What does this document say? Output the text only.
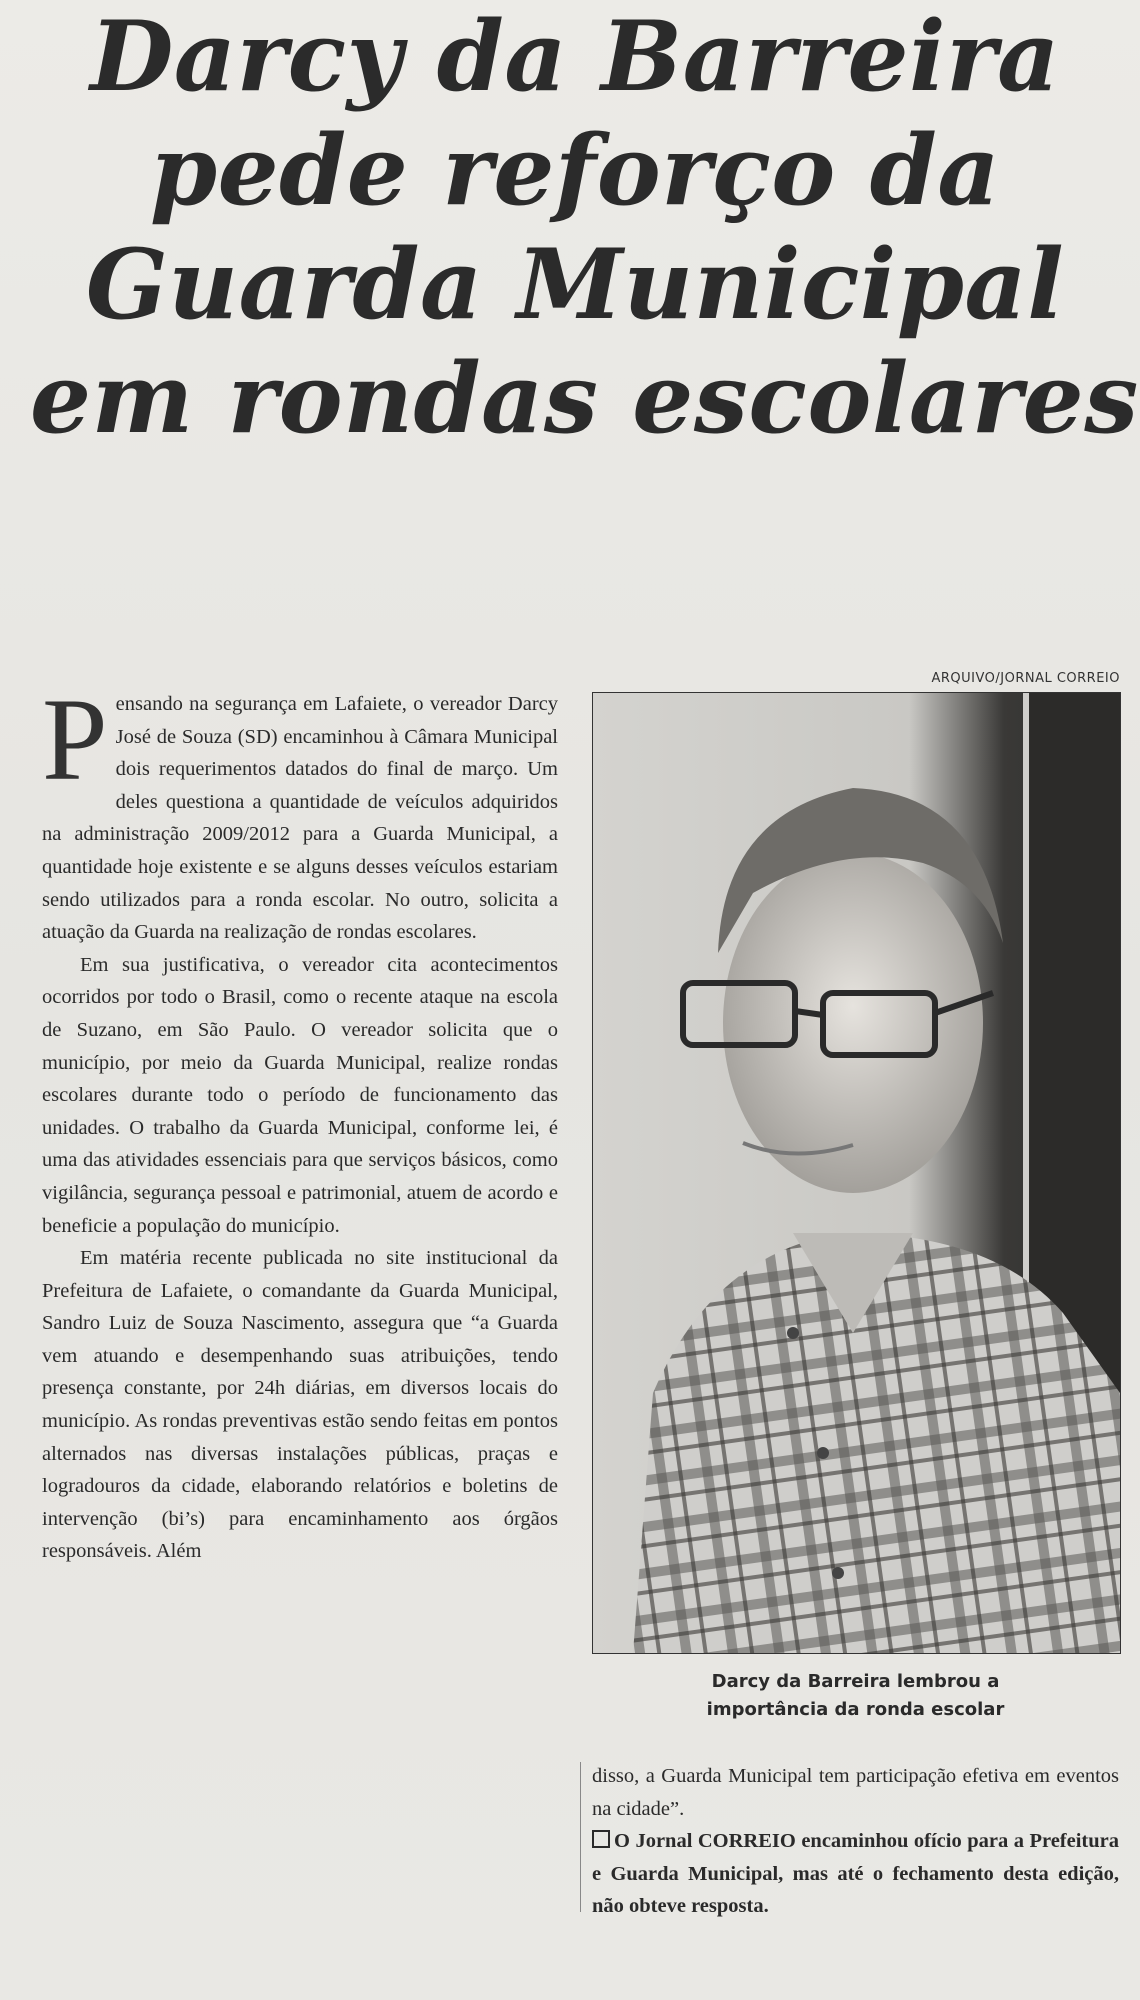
Darcy da Barreira
pede reforço da
Guarda Municipal
em rondas escolares
ARQUIVO/JORNAL CORREIO
Darcy da Barreira lembrou a
importância da ronda escolar

Pensando na segurança em Lafaiete, o vereador Darcy José de Souza (SD) encaminhou à Câmara Municipal dois requerimentos datados do final de março. Um deles questiona a quantidade de veículos adquiridos na administração 2009/2012 para a Guarda Municipal, a quantidade hoje existente e se alguns desses veículos estariam sendo utilizados para a ronda escolar. No outro, solicita a atuação da Guarda na realização de rondas escolares.

Em sua justificativa, o vereador cita acontecimentos ocorridos por todo o Brasil, como o recente ataque na escola de Suzano, em São Paulo. O vereador solicita que o município, por meio da Guarda Municipal, realize rondas escolares durante todo o período de funcionamento das unidades. O trabalho da Guarda Municipal, conforme lei, é uma das atividades essenciais para que serviços básicos, como vigilância, segurança pessoal e patrimonial, atuem de acordo e beneficie a população do município.

Em matéria recente publicada no site institucional da Prefeitura de Lafaiete, o comandante da Guarda Municipal, Sandro Luiz de Souza Nascimento, assegura que “a Guarda vem atuando e desempenhando suas atribuições, tendo presença constante, por 24h diárias, em diversos locais do município. As rondas preventivas estão sendo feitas em pontos alternados nas diversas instalações públicas, praças e logradouros da cidade, elaborando relatórios e boletins de intervenção (bi’s) para encaminhamento aos órgãos responsáveis. Além

disso, a Guarda Municipal tem participação efetiva em eventos na cidade”.

O Jornal CORREIO encaminhou ofício para a Prefeitura e Guarda Municipal, mas até o fechamento desta edição, não obteve resposta.
